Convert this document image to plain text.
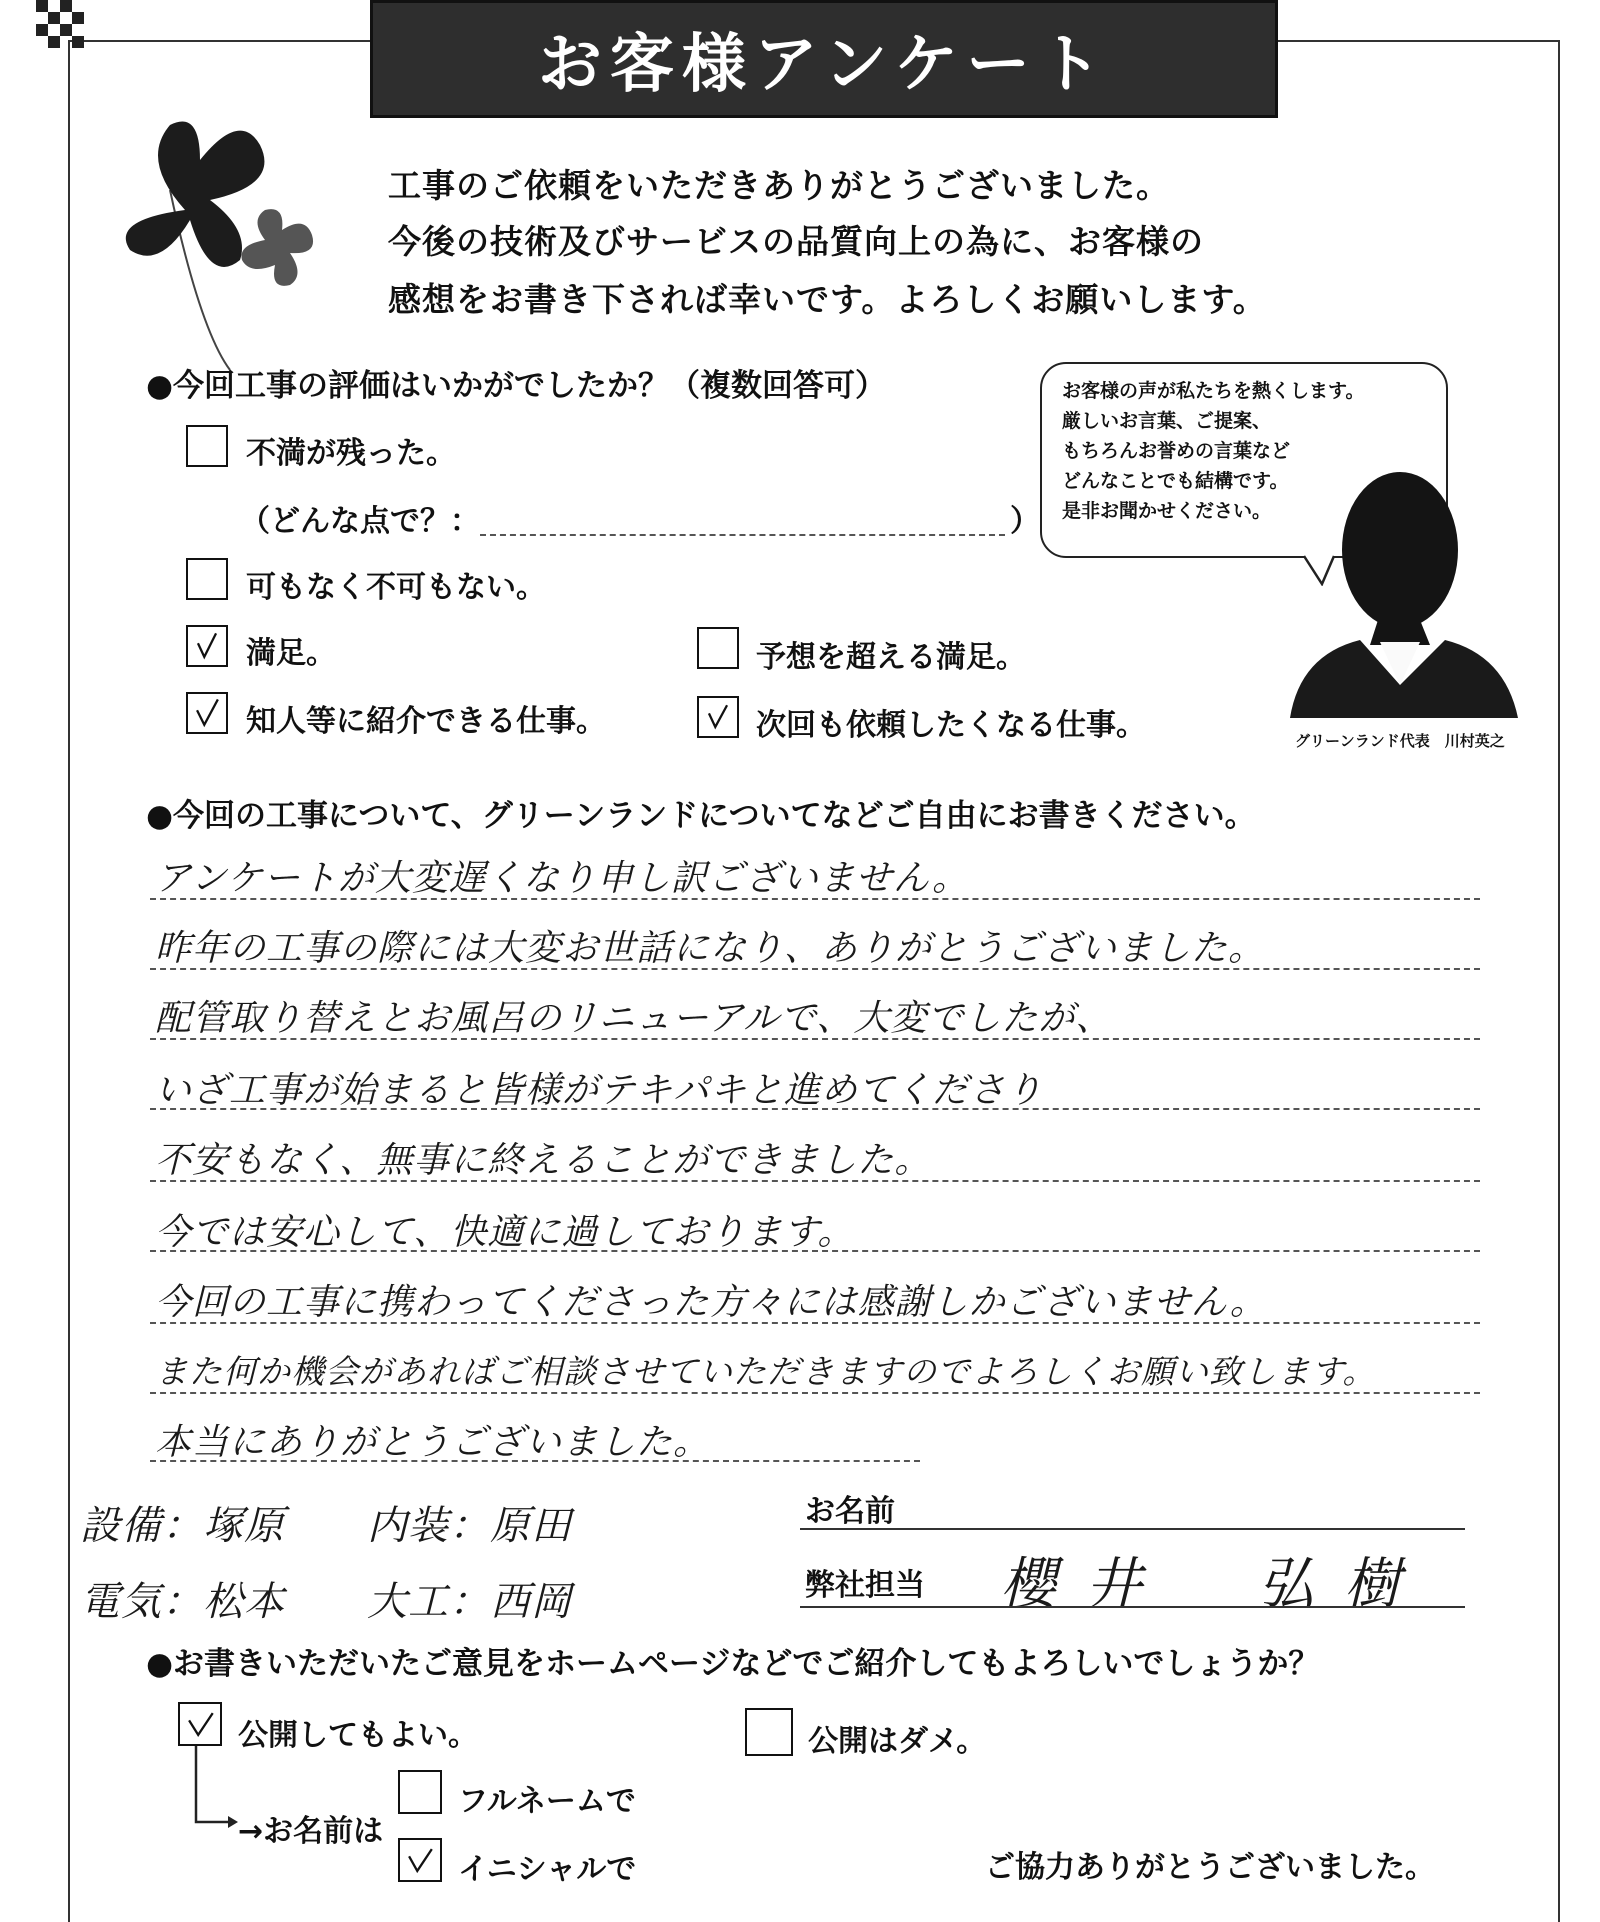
お客様アンケート
工事のご依頼をいただきありがとうございました。
今後の技術及びサービスの品質向上の為に、お客様の
感想をお書き下されば幸いです。よろしくお願いします。
●今回工事の評価はいかがでしたか？（複数回答可）
不満が残った。
（どんな点で？：	）
可もなく不可もない。
満足。	予想を超える満足。
知人等に紹介できる仕事。	次回も依頼したくなる仕事。
お客様の声が私たちを熱くします。
厳しいお言葉、ご提案、
もちろんお誉めの言葉など
どんなことでも結構です。
是非お聞かせください。
グリーンランド代表　川村英之
●今回の工事について、グリーンランドについてなどご自由にお書きください。
アンケートが大変遅くなり申し訳ございません。
昨年の工事の際には大変お世話になり、ありがとうございました。
配管取り替えとお風呂のリニューアルで、大変でしたが、
いざ工事が始まると皆様がテキパキと進めてくださり
不安もなく、無事に終えることができました。
今では安心して、快適に過しております。
今回の工事に携わってくださった方々には感謝しかございません。
また何か機会があればご相談させていただきますのでよろしくお願い致します。
本当にありがとうございました。
設備：塚原　　内装：原田
電気：松本　　大工：西岡
お名前
弊社担当 櫻井　弘樹
●お書きいただいたご意見をホームページなどでご紹介してもよろしいでしょうか？
公開してもよい。	公開はダメ。
→お名前は
フルネームで
イニシャルで	ご協力ありがとうございました。
